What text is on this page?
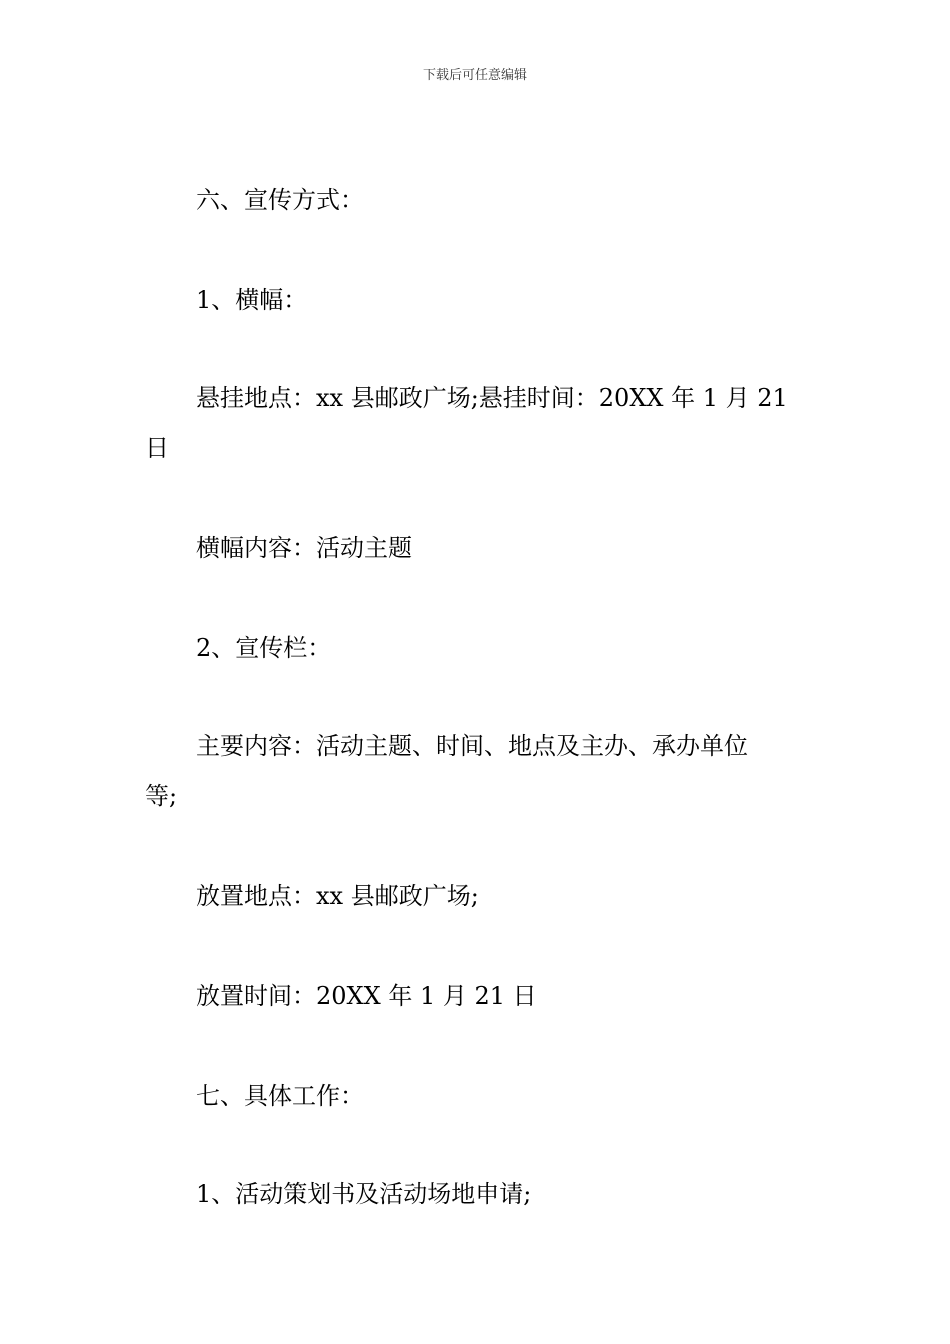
下载后可任意编辑
六、宣传方式：
1、横幅：
悬挂地点：xx 县邮政广场;悬挂时间：20XX 年 1 月 21
日
横幅内容：活动主题
2、宣传栏：
主要内容：活动主题、时间、地点及主办、承办单位
等;
放置地点：xx 县邮政广场;
放置时间：20XX 年 1 月 21 日
七、具体工作：
1、活动策划书及活动场地申请;
